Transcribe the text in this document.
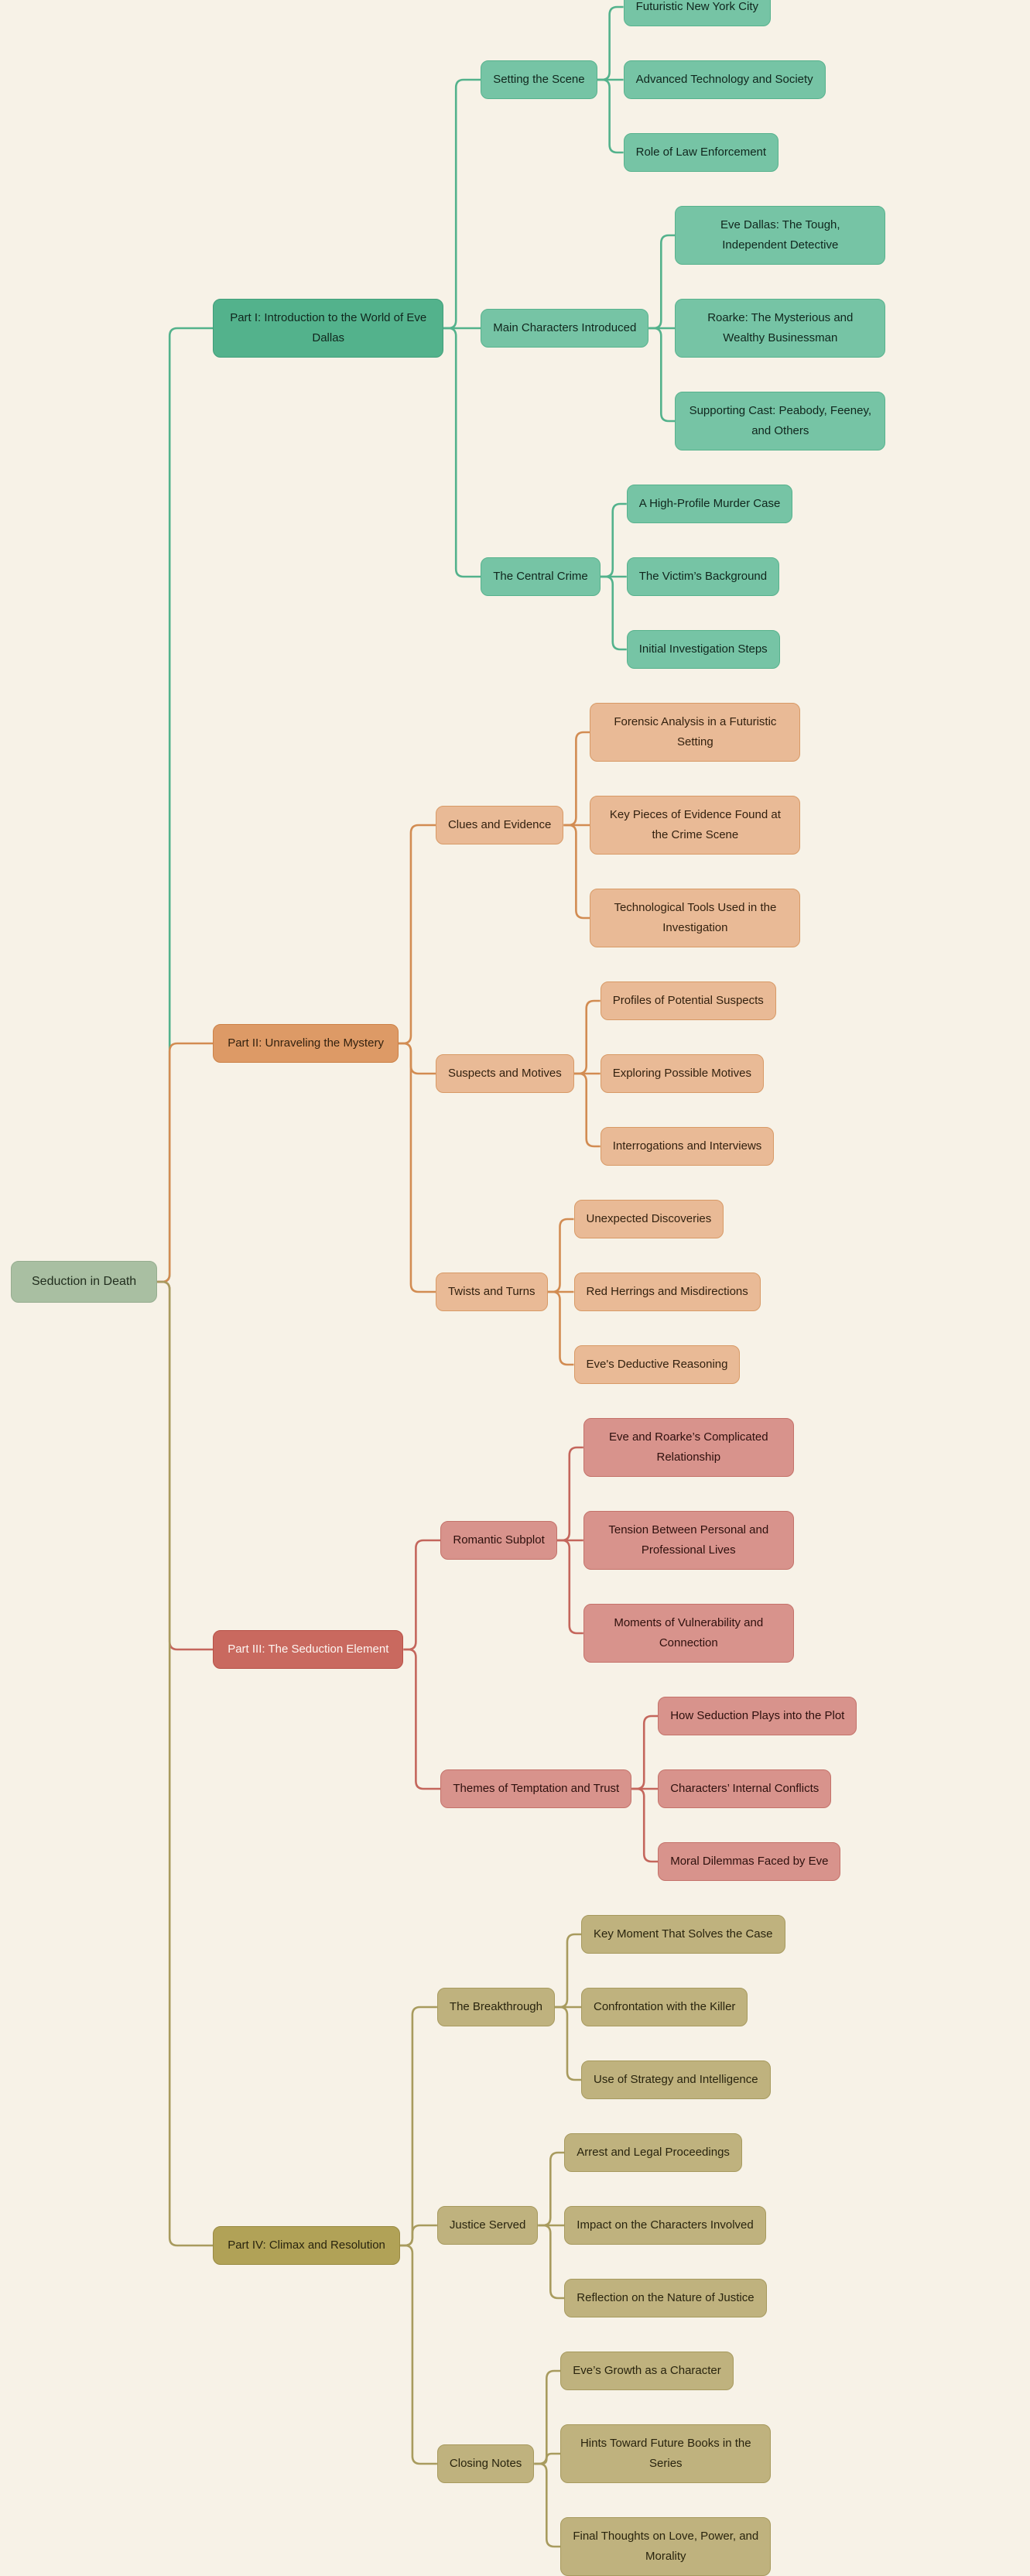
Seduction in Death
Part I: Introduction to the World of Eve Dallas
Setting the Scene
Futuristic New York City
Advanced Technology and Society
Role of Law Enforcement
Main Characters Introduced
Eve Dallas: The Tough, Independent Detective
Roarke: The Mysterious and Wealthy Businessman
Supporting Cast: Peabody, Feeney, and Others
The Central Crime
A High-Profile Murder Case
The Victim’s Background
Initial Investigation Steps
Part II: Unraveling the Mystery
Clues and Evidence
Forensic Analysis in a Futuristic Setting
Key Pieces of Evidence Found at the Crime Scene
Technological Tools Used in the Investigation
Suspects and Motives
Profiles of Potential Suspects
Exploring Possible Motives
Interrogations and Interviews
Twists and Turns
Unexpected Discoveries
Red Herrings and Misdirections
Eve's Deductive Reasoning
Part III: The Seduction Element
Romantic Subplot
Eve and Roarke’s Complicated Relationship
Tension Between Personal and Professional Lives
Moments of Vulnerability and Connection
Themes of Temptation and Trust
How Seduction Plays into the Plot
Characters’ Internal Conflicts
Moral Dilemmas Faced by Eve
Part IV: Climax and Resolution
The Breakthrough
Key Moment That Solves the Case
Confrontation with the Killer
Use of Strategy and Intelligence
Justice Served
Arrest and Legal Proceedings
Impact on the Characters Involved
Reflection on the Nature of Justice
Closing Notes
Eve’s Growth as a Character
Hints Toward Future Books in the Series
Final Thoughts on Love, Power, and Morality
